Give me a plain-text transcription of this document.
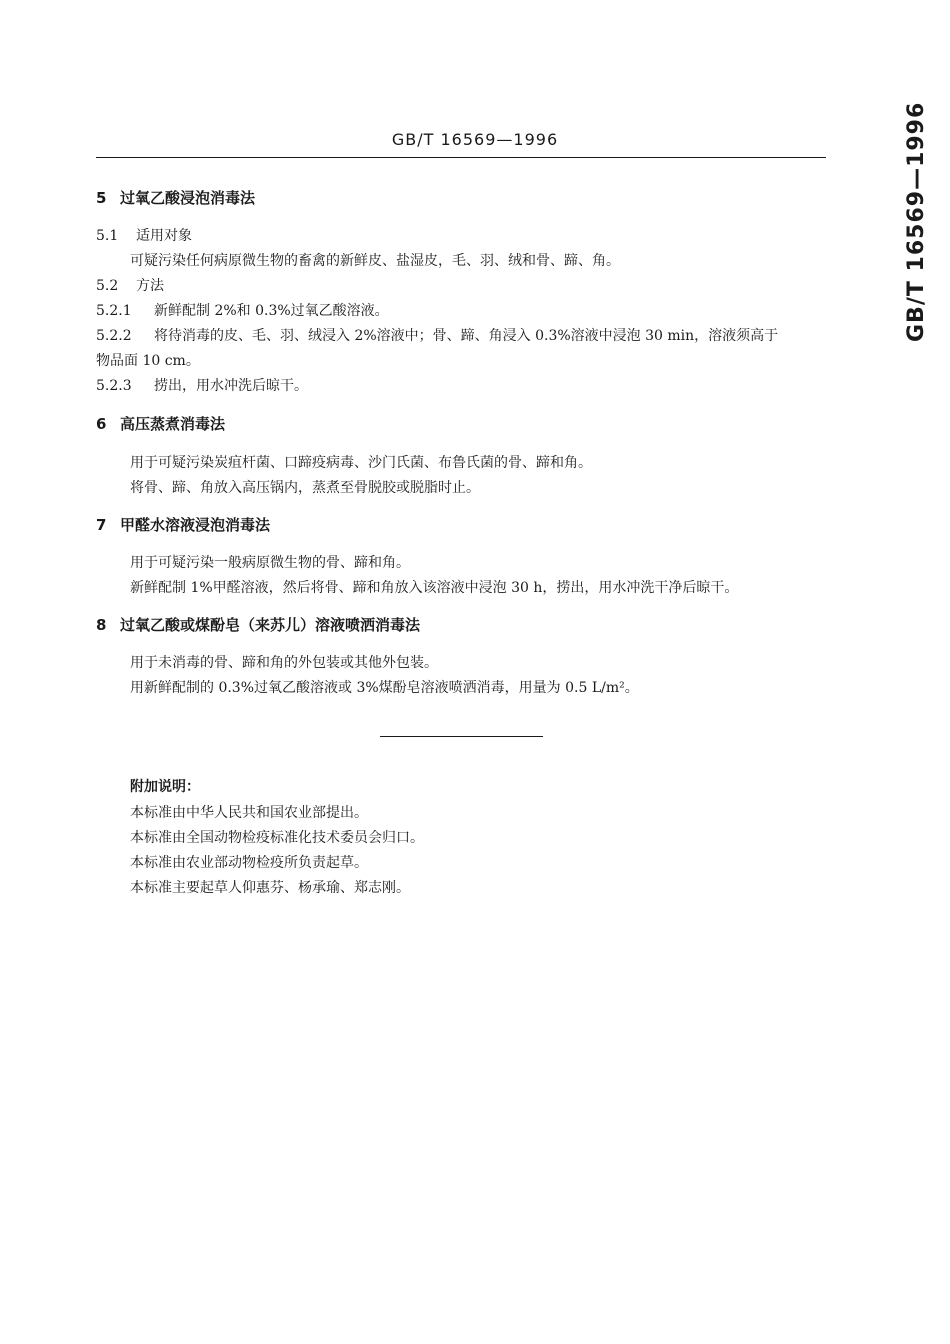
GB/T 16569—1996	GB/T 16569—1996
5 过氧乙酸浸泡消毒法
5.1 适用对象
可疑污染任何病原微生物的畜禽的新鲜皮、盐湿皮，毛、羽、绒和骨、蹄、角。
5.2 方法
5.2.1 新鲜配制 2%和 0.3%过氧乙酸溶液。
5.2.2 将待消毒的皮、毛、羽、绒浸入 2%溶液中；骨、蹄、角浸入 0.3%溶液中浸泡 30 min，溶液须高于
物品面 10 cm。
5.2.3 捞出，用水冲洗后晾干。
6 高压蒸煮消毒法
用于可疑污染炭疽杆菌、口蹄疫病毒、沙门氏菌、布鲁氏菌的骨、蹄和角。
将骨、蹄、角放入高压锅内，蒸煮至骨脱胶或脱脂时止。
7 甲醛水溶液浸泡消毒法
用于可疑污染一般病原微生物的骨、蹄和角。
新鲜配制 1%甲醛溶液，然后将骨、蹄和角放入该溶液中浸泡 30 h，捞出，用水冲洗干净后晾干。
8 过氧乙酸或煤酚皂（来苏儿）溶液喷洒消毒法
用于未消毒的骨、蹄和角的外包装或其他外包装。
用新鲜配制的 0.3%过氧乙酸溶液或 3%煤酚皂溶液喷洒消毒，用量为 0.5 L/m²。
附加说明：
本标准由中华人民共和国农业部提出。
本标准由全国动物检疫标准化技术委员会归口。
本标准由农业部动物检疫所负责起草。
本标准主要起草人仰惠芬、杨承瑜、郑志刚。
